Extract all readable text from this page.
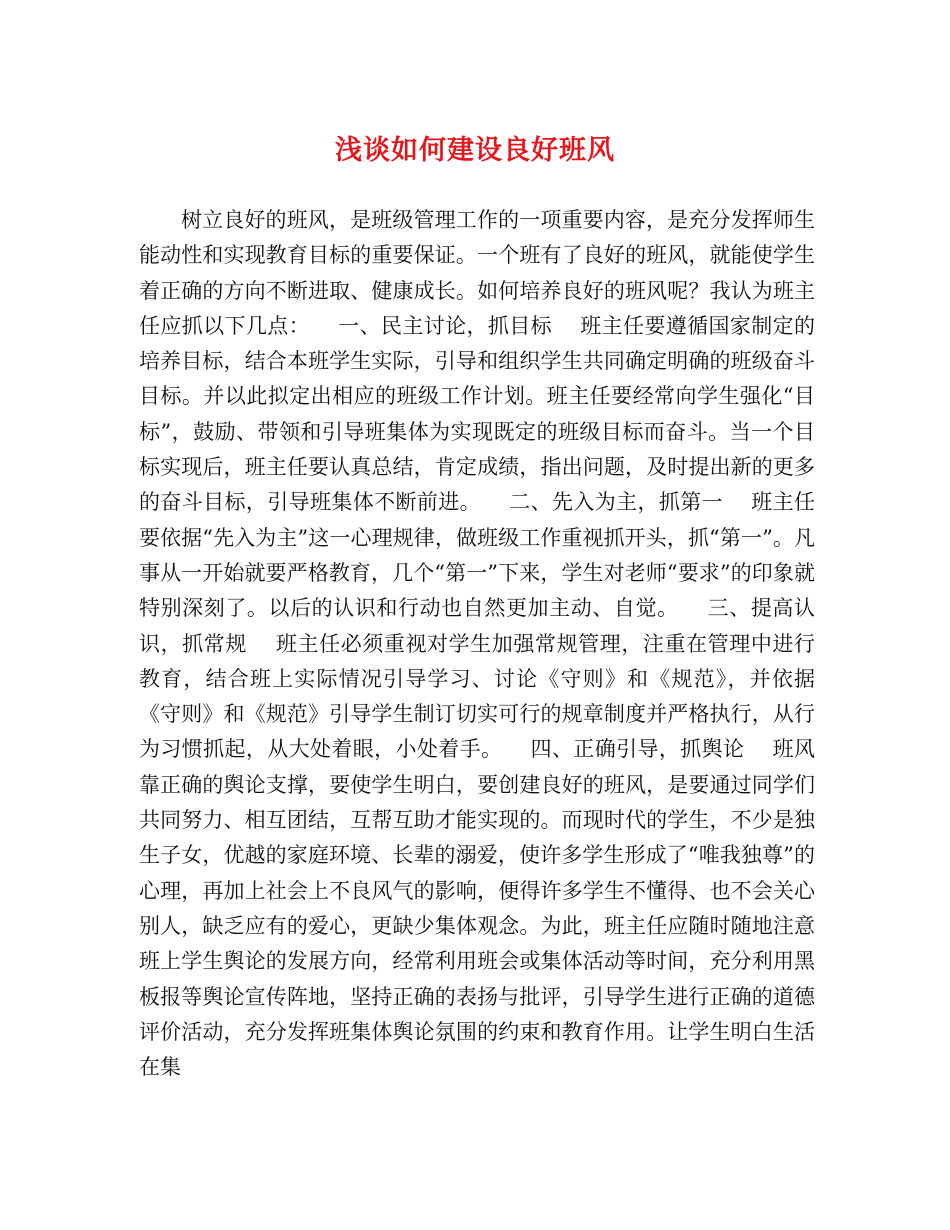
浅谈如何建设良好班风

树立良好的班风，是班级管理工作的一项重要内容，是充分发挥师生能动性和实现教育目标的重要保证。一个班有了良好的班风，就能使学生着正确的方向不断进取、健康成长。如何培养良好的班风呢？我认为班主任应抓以下几点：    一、民主讨论，抓目标    班主任要遵循国家制定的培养目标，结合本班学生实际，引导和组织学生共同确定明确的班级奋斗目标。并以此拟定出相应的班级工作计划。班主任要经常向学生强化“目标”，鼓励、带领和引导班集体为实现既定的班级目标而奋斗。当一个目标实现后，班主任要认真总结，肯定成绩，指出问题，及时提出新的更多的奋斗目标，引导班集体不断前进。    二、先入为主，抓第一    班主任要依据“先入为主”这一心理规律，做班级工作重视抓开头，抓“第一”。凡事从一开始就要严格教育，几个“第一”下来，学生对老师“要求”的印象就特别深刻了。以后的认识和行动也自然更加主动、自觉。    三、提高认识，抓常规    班主任必须重视对学生加强常规管理，注重在管理中进行教育，结合班上实际情况引导学习、讨论《守则》和《规范》，并依据《守则》和《规范》引导学生制订切实可行的规章制度并严格执行，从行为习惯抓起，从大处着眼，小处着手。    四、正确引导，抓舆论    班风靠正确的舆论支撑，要使学生明白，要创建良好的班风，是要通过同学们共同努力、相互团结，互帮互助才能实现的。而现时代的学生，不少是独生子女，优越的家庭环境、长辈的溺爱，使许多学生形成了“唯我独尊”的心理，再加上社会上不良风气的影响，便得许多学生不懂得、也不会关心别人，缺乏应有的爱心，更缺少集体观念。为此，班主任应随时随地注意班上学生舆论的发展方向，经常利用班会或集体活动等时间，充分利用黑板报等舆论宣传阵地，坚持正确的表扬与批评，引导学生进行正确的道德评价活动，充分发挥班集体舆论氛围的约束和教育作用。让学生明白生活在集
